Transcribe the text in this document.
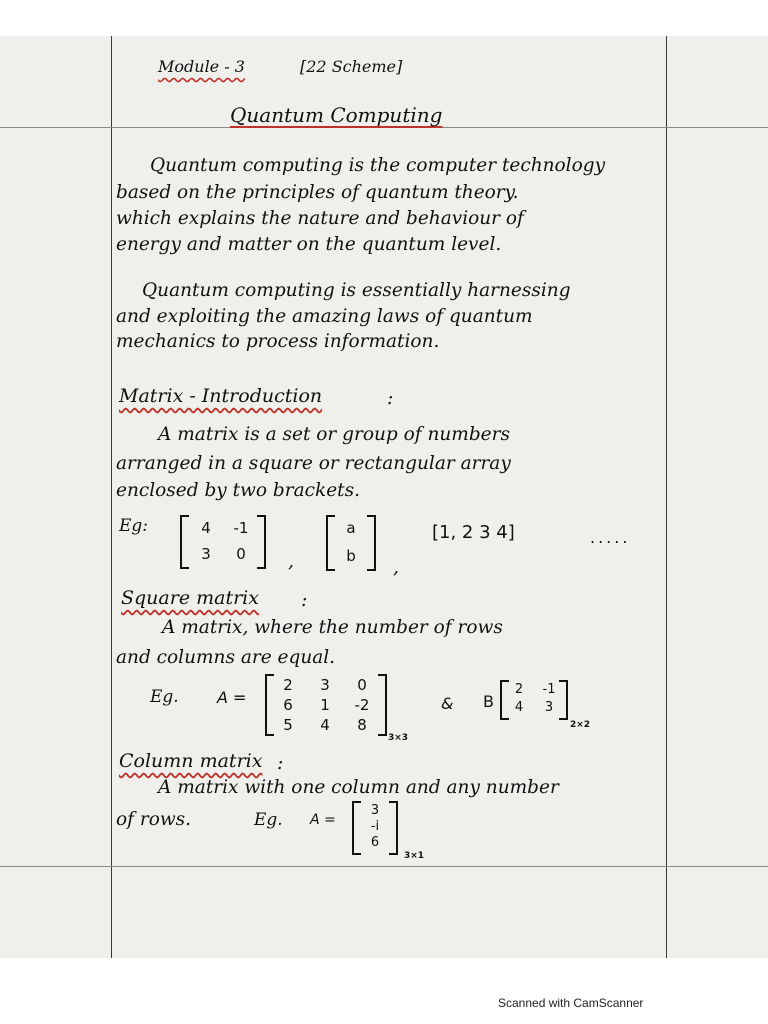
Module - 3	[22 Scheme]
Quantum Computing
Quantum computing is the computer technology
based on the principles of quantum theory.
which explains the nature and behaviour of
energy and matter on the quantum level.
Quantum computing is essentially harnessing
and exploiting the amazing laws of quantum
mechanics to process information.
Matrix - Introduction	:
A matrix is a set or group of numbers
arranged in a square or rectangular array
enclosed by two brackets.
Eg:	4	-1
3	0	,
a
b	,
[1, 2 3 4]	.....
Square matrix :
A matrix, where the number of rows
and columns are equal.
Eg. A =
2	3	0
6	1	-2
5	4	8
3×3
& B
2	-1
4	3
2×2
Column matrix :
A matrix with one column and any number
of rows.	Eg. A =
3
-i
6
3×1
Scanned with CamScanner
